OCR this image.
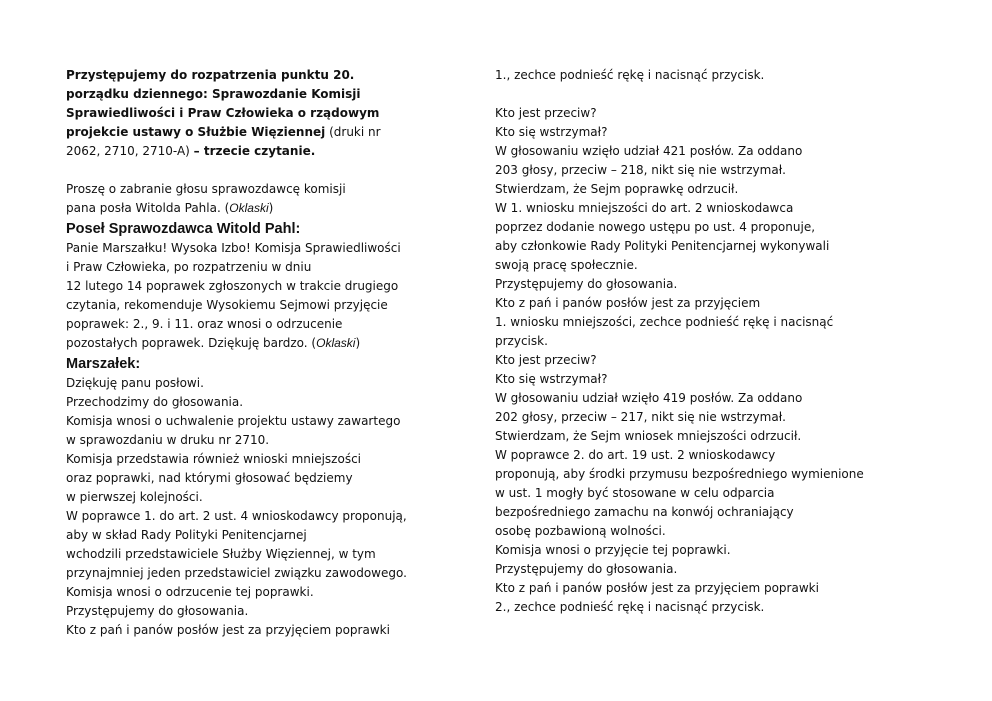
Przystępujemy do rozpatrzenia punktu 20.
porządku dziennego: Sprawozdanie Komisji
Sprawiedliwości i Praw Człowieka o rządowym
projekcie ustawy o Służbie Więziennej (druki nr
2062, 2710, 2710-A) – trzecie czytanie.
Proszę o zabranie głosu sprawozdawcę komisji
pana posła Witolda Pahla. (Oklaski)
Poseł Sprawozdawca Witold Pahl:
Panie Marszałku! Wysoka Izbo! Komisja Sprawiedliwości
i Praw Człowieka, po rozpatrzeniu w dniu
12 lutego 14 poprawek zgłoszonych w trakcie drugiego
czytania, rekomenduje Wysokiemu Sejmowi przyjęcie
poprawek: 2., 9. i 11. oraz wnosi o odrzucenie
pozostałych poprawek. Dziękuję bardzo. (Oklaski)
Marszałek:
Dziękuję panu posłowi.
Przechodzimy do głosowania.
Komisja wnosi o uchwalenie projektu ustawy zawartego
w sprawozdaniu w druku nr 2710.
Komisja przedstawia również wnioski mniejszości
oraz poprawki, nad którymi głosować będziemy
w pierwszej kolejności.
W poprawce 1. do art. 2 ust. 4 wnioskodawcy proponują,
aby w skład Rady Polityki Penitencjarnej
wchodzili przedstawiciele Służby Więziennej, w tym
przynajmniej jeden przedstawiciel związku zawodowego.
Komisja wnosi o odrzucenie tej poprawki.
Przystępujemy do głosowania.
Kto z pań i panów posłów jest za przyjęciem poprawki
1., zechce podnieść rękę i nacisnąć przycisk.
Kto jest przeciw?
Kto się wstrzymał?
W głosowaniu wzięło udział 421 posłów. Za oddano
203 głosy, przeciw – 218, nikt się nie wstrzymał.
Stwierdzam, że Sejm poprawkę odrzucił.
W 1. wniosku mniejszości do art. 2 wnioskodawca
poprzez dodanie nowego ustępu po ust. 4 proponuje,
aby członkowie Rady Polityki Penitencjarnej wykonywali
swoją pracę społecznie.
Przystępujemy do głosowania.
Kto z pań i panów posłów jest za przyjęciem
1. wniosku mniejszości, zechce podnieść rękę i nacisnąć
przycisk.
Kto jest przeciw?
Kto się wstrzymał?
W głosowaniu udział wzięło 419 posłów. Za oddano
202 głosy, przeciw – 217, nikt się nie wstrzymał.
Stwierdzam, że Sejm wniosek mniejszości odrzucił.
W poprawce 2. do art. 19 ust. 2 wnioskodawcy
proponują, aby środki przymusu bezpośredniego wymienione
w ust. 1 mogły być stosowane w celu odparcia
bezpośredniego zamachu na konwój ochraniający
osobę pozbawioną wolności.
Komisja wnosi o przyjęcie tej poprawki.
Przystępujemy do głosowania.
Kto z pań i panów posłów jest za przyjęciem poprawki
2., zechce podnieść rękę i nacisnąć przycisk.
